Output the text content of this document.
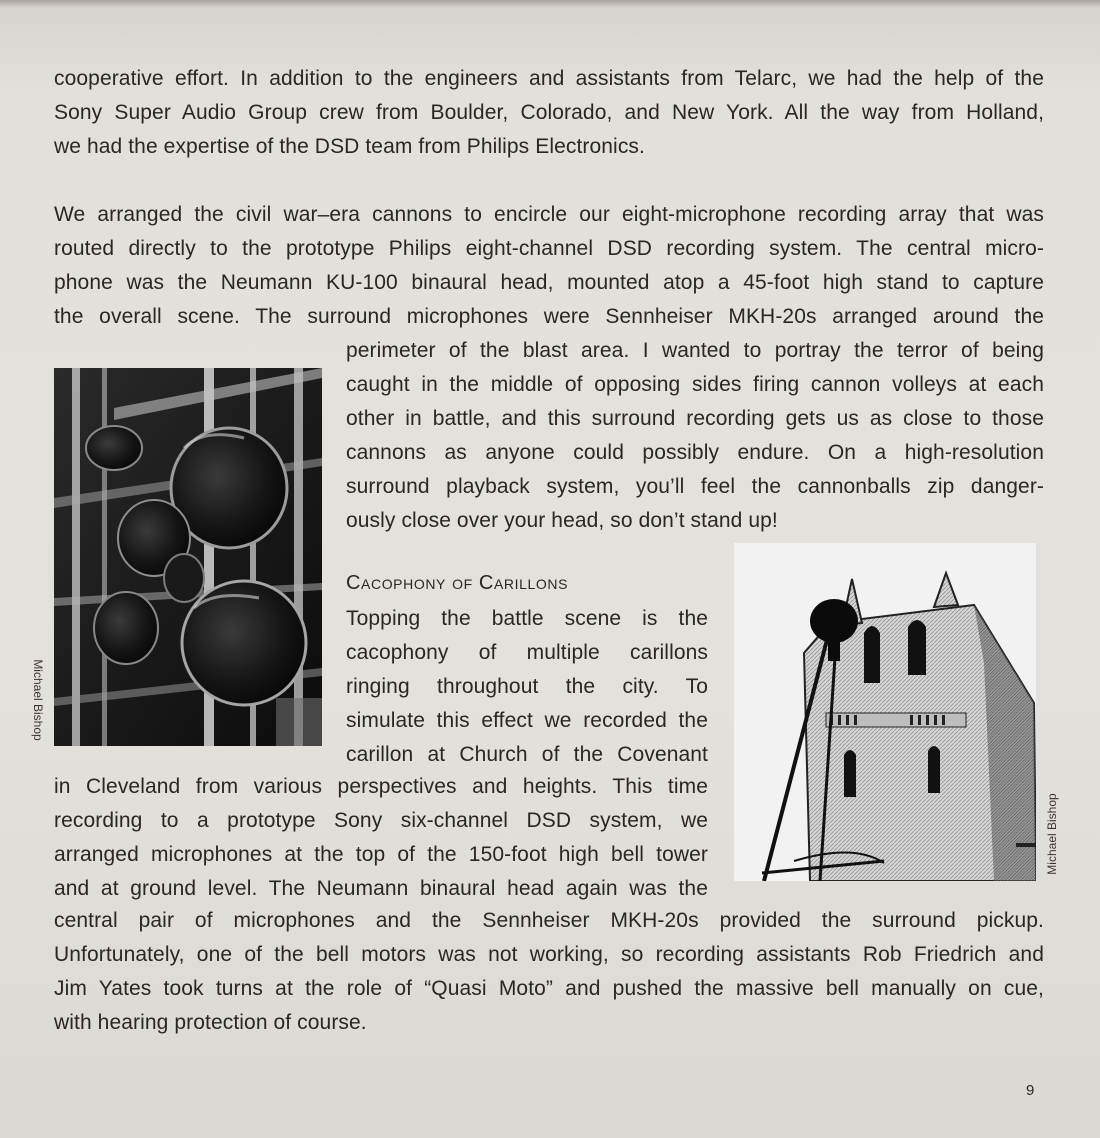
cooperative effort. In addition to the engineers and assistants from Telarc, we had the help of the
Sony Super Audio Group crew from Boulder, Colorado, and New York. All the way from Holland,
we had the expertise of the DSD team from Philips Electronics.
We arranged the civil war–era cannons to encircle our eight-microphone recording array that was
routed directly to the prototype Philips eight-channel DSD recording system. The central micro-
phone was the Neumann KU-100 binaural head, mounted atop a 45-foot high stand to capture
the overall scene. The surround microphones were Sennheiser MKH-20s arranged around the
perimeter of the blast area. I wanted to portray the terror of being
caught in the middle of opposing sides firing cannon volleys at each
other in battle, and this surround recording gets us as close to those
cannons as anyone could possibly endure. On a high-resolution
surround playback system, you’ll feel the cannonballs zip danger-
ously close over your head, so don’t stand up!
Cacophony of Carillons
Topping the battle scene is the
cacophony of multiple carillons
ringing throughout the city. To
simulate this effect we recorded the
carillon at Church of the Covenant
in Cleveland from various perspectives and heights. This time
recording to a prototype Sony six-channel DSD system, we
arranged microphones at the top of the 150-foot high bell tower
and at ground level. The Neumann binaural head again was the
central pair of microphones and the Sennheiser MKH-20s provided the surround pickup.
Unfortunately, one of the bell motors was not working, so recording assistants Rob Friedrich and
Jim Yates took turns at the role of “Quasi Moto” and pushed the massive bell manually on cue,
with hearing protection of course.
Michael Bishop
Michael Bishop
9
